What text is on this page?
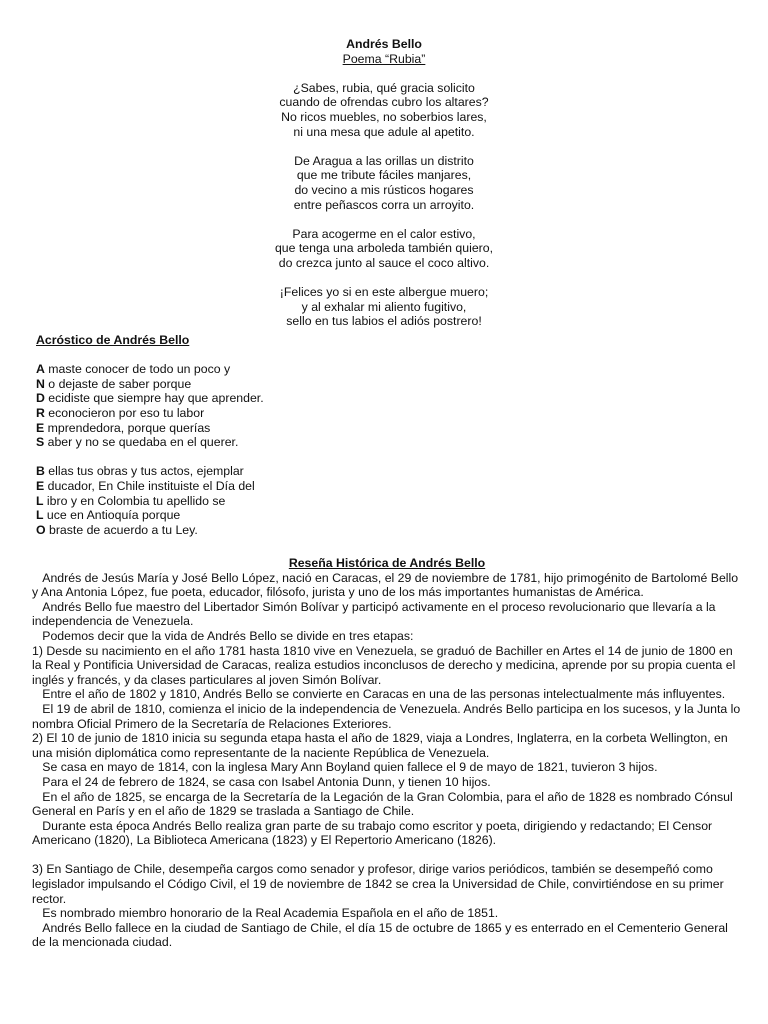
Andrés Bello
Poema “Rubia”
¿Sabes, rubia, qué gracia solicito
cuando de ofrendas cubro los altares?
No ricos muebles, no soberbios lares,
ni una mesa que adule al apetito.
De Aragua a las orillas un distrito
que me tribute fáciles manjares,
do vecino a mis rústicos hogares
entre peñascos corra un arroyito.
Para acogerme en el calor estivo,
que tenga una arboleda también quiero,
do crezca junto al sauce el coco altivo.
¡Felices yo si en este albergue muero;
y al exhalar mi aliento fugitivo,
sello en tus labios el adiós postrero!
Acróstico de Andrés Bello
A maste conocer de todo un poco y
N o dejaste de saber porque
D ecidiste que siempre hay que aprender.
R econocieron por eso tu labor
E mprendedora, porque querías
S aber y no se quedaba en el querer.
B ellas tus obras y tus actos, ejemplar
E ducador, En Chile instituiste el Día del
L ibro y en Colombia tu apellido se
L uce en Antioquía porque
O braste de acuerdo a tu Ley.
Reseña Histórica de Andrés Bello

Andrés de Jesús María y José Bello López, nació en Caracas, el 29 de noviembre de 1781, hijo primogénito de Bartolomé Bello y Ana Antonia López, fue poeta, educador, filósofo, jurista y uno de los más importantes humanistas de América.

Andrés Bello fue maestro del Libertador Simón Bolívar y participó activamente en el proceso revolucionario que llevaría a la independencia de Venezuela.

Podemos decir que la vida de Andrés Bello se divide en tres etapas:

1) Desde su nacimiento en el año 1781 hasta 1810 vive en Venezuela, se graduó de Bachiller en Artes el 14 de junio de 1800 en la Real y Pontificia Universidad de Caracas, realiza estudios inconclusos de derecho y medicina, aprende por su propia cuenta el inglés y francés, y da clases particulares al joven Simón Bolívar.

Entre el año de 1802 y 1810, Andrés Bello se convierte en Caracas en una de las personas intelectualmente más influyentes.

El 19 de abril de 1810, comienza el inicio de la independencia de Venezuela. Andrés Bello participa en los sucesos, y la Junta lo nombra Oficial Primero de la Secretaría de Relaciones Exteriores.

2) El 10 de junio de 1810 inicia su segunda etapa hasta el año de 1829, viaja a Londres, Inglaterra, en la corbeta Wellington, en una misión diplomática como representante de la naciente República de Venezuela.

Se casa en mayo de 1814, con la inglesa Mary Ann Boyland quien fallece el 9 de mayo de 1821, tuvieron 3 hijos.

Para el 24 de febrero de 1824, se casa con Isabel Antonia Dunn, y tienen 10 hijos.

En el año de 1825, se encarga de la Secretaría de la Legación de la Gran Colombia, para el año de 1828 es nombrado Cónsul General en París y en el año de 1829 se traslada a Santiago de Chile.

Durante esta época Andrés Bello realiza gran parte de su trabajo como escritor y poeta, dirigiendo y redactando; El Censor Americano (1820), La Biblioteca Americana (1823) y El Repertorio Americano (1826).

3) En Santiago de Chile, desempeña cargos como senador y profesor, dirige varios periódicos, también se desempeñó como legislador impulsando el Código Civil, el 19 de noviembre de 1842 se crea la Universidad de Chile, convirtiéndose en su primer rector.

Es nombrado miembro honorario de la Real Academia Española en el año de 1851.

Andrés Bello fallece en la ciudad de Santiago de Chile, el día 15 de octubre de 1865 y es enterrado en el Cementerio General de la mencionada ciudad.
